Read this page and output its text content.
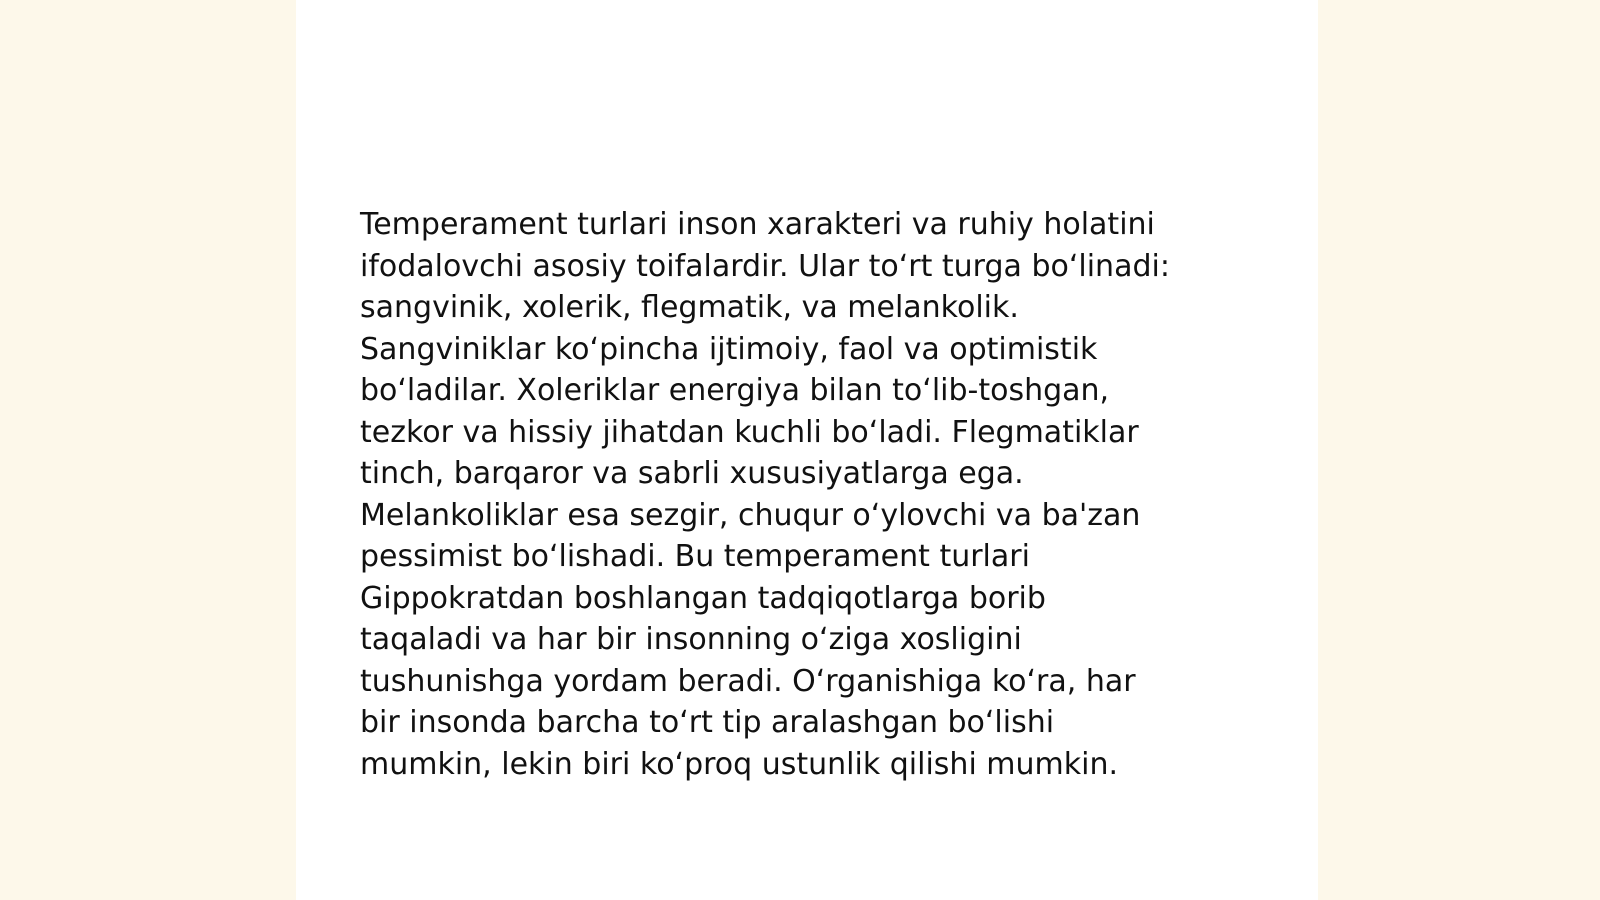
Temperament turlari inson xarakteri va ruhiy holatini
ifodalovchi asosiy toifalardir. Ular to‘rt turga bo‘linadi:
sangvinik, xolerik, flegmatik, va melankolik.
Sangviniklar ko‘pincha ijtimoiy, faol va optimistik
bo‘ladilar. Xoleriklar energiya bilan to‘lib-toshgan,
tezkor va hissiy jihatdan kuchli bo‘ladi. Flegmatiklar
tinch, barqaror va sabrli xususiyatlarga ega.
Melankoliklar esa sezgir, chuqur o‘ylovchi va ba'zan
pessimist bo‘lishadi. Bu temperament turlari
Gippokratdan boshlangan tadqiqotlarga borib
taqaladi va har bir insonning o‘ziga xosligini
tushunishga yordam beradi. O‘rganishiga ko‘ra, har
bir insonda barcha to‘rt tip aralashgan bo‘lishi
mumkin, lekin biri ko‘proq ustunlik qilishi mumkin.
